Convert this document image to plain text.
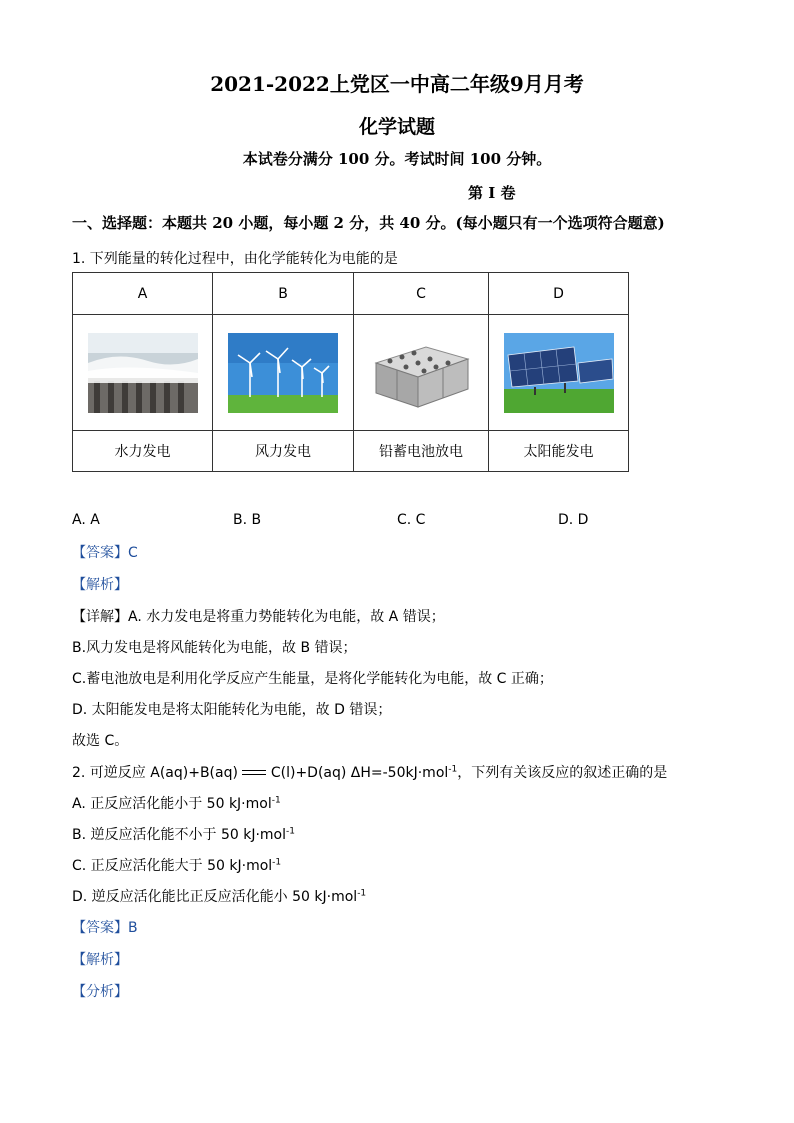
2021-2022上党区一中高二年级9月月考
化学试题
本试卷分满分 100 分。考试时间 100 分钟。
第 I 卷
一、选择题：本题共 20 小题，每小题 2 分，共 40 分。(每小题只有一个选项符合题意)
1. 下列能量的转化过程中，由化学能转化为电能的是
A	B	C	D

水力发电	风力发电	铅蓄电池放电	太阳能发电
A. A	B. B	C. C	D. D
【答案】C
【解析】
【详解】A. 水力发电是将重力势能转化为电能，故 A 错误；
B.风力发电是将风能转化为电能，故 B 错误；
C.蓄电池放电是利用化学反应产生能量，是将化学能转化为电能，故 C 正确；
D. 太阳能发电是将太阳能转化为电能，故 D 错误；
故选 C。
2. 可逆反应 A(aq)+B(aq) C(l)+D(aq) ΔH=-50kJ·mol$^{-1}$，下列有关该反应的叙述正确的是
A. 正反应活化能小于 50 kJ·mol$^{-1}$
B. 逆反应活化能不小于 50 kJ·mol$^{-1}$
C. 正反应活化能大于 50 kJ·mol$^{-1}$
D. 逆反应活化能比正反应活化能小 50 kJ·mol$^{-1}$
【答案】B
【解析】
【分析】
